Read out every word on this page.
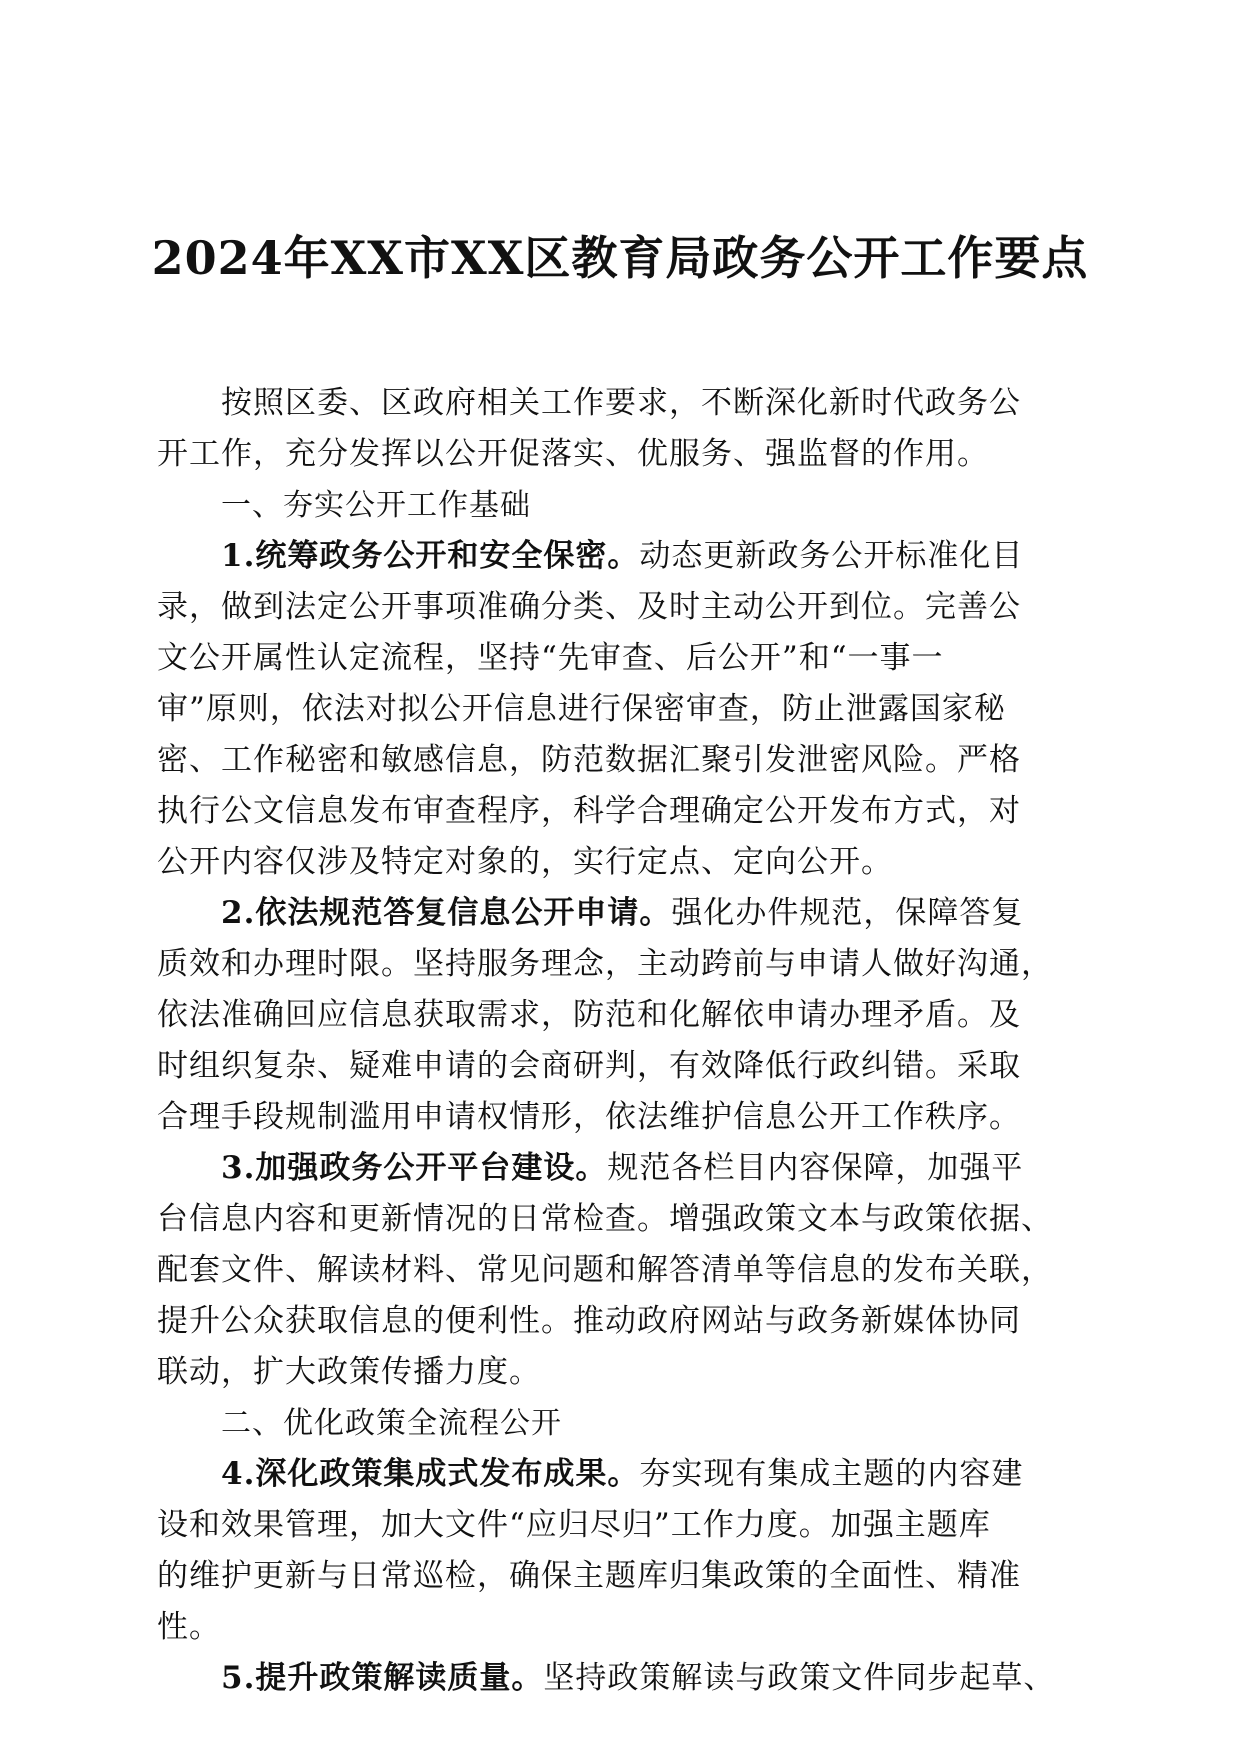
2024年XX市XX区教育局政务公开工作要点
按照区委、区政府相关工作要求，不断深化新时代政务公
开工作，充分发挥以公开促落实、优服务、强监督的作用。
一、夯实公开工作基础
1.统筹政务公开和安全保密。动态更新政务公开标准化目
录，做到法定公开事项准确分类、及时主动公开到位。完善公
文公开属性认定流程，坚持“先审查、后公开”和“一事一
审”原则，依法对拟公开信息进行保密审查，防止泄露国家秘
密、工作秘密和敏感信息，防范数据汇聚引发泄密风险。严格
执行公文信息发布审查程序，科学合理确定公开发布方式，对
公开内容仅涉及特定对象的，实行定点、定向公开。
2.依法规范答复信息公开申请。强化办件规范，保障答复
质效和办理时限。坚持服务理念，主动跨前与申请人做好沟通，
依法准确回应信息获取需求，防范和化解依申请办理矛盾。及
时组织复杂、疑难申请的会商研判，有效降低行政纠错。采取
合理手段规制滥用申请权情形，依法维护信息公开工作秩序。
3.加强政务公开平台建设。规范各栏目内容保障，加强平
台信息内容和更新情况的日常检查。增强政策文本与政策依据、
配套文件、解读材料、常见问题和解答清单等信息的发布关联，
提升公众获取信息的便利性。推动政府网站与政务新媒体协同
联动，扩大政策传播力度。
二、优化政策全流程公开
4.深化政策集成式发布成果。夯实现有集成主题的内容建
设和效果管理，加大文件“应归尽归”工作力度。加强主题库
的维护更新与日常巡检，确保主题库归集政策的全面性、精准
性。
5.提升政策解读质量。坚持政策解读与政策文件同步起草、
